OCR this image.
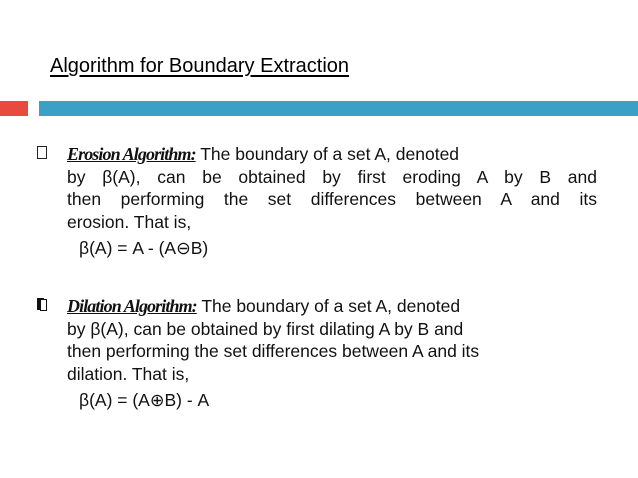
Algorithm for Boundary Extraction
Erosion Algorithm: The boundary of a set A, denoted
by β(A), can be obtained by first eroding A by B and
then performing the set differences between A and its
erosion. That is,
β(A) = A - (A⊖B)
Dilation Algorithm: The boundary of a set A, denoted
by β(A), can be obtained by first dilating A by B and
then performing the set differences between A and its
dilation. That is,
β(A) = (A⊕B) - A
